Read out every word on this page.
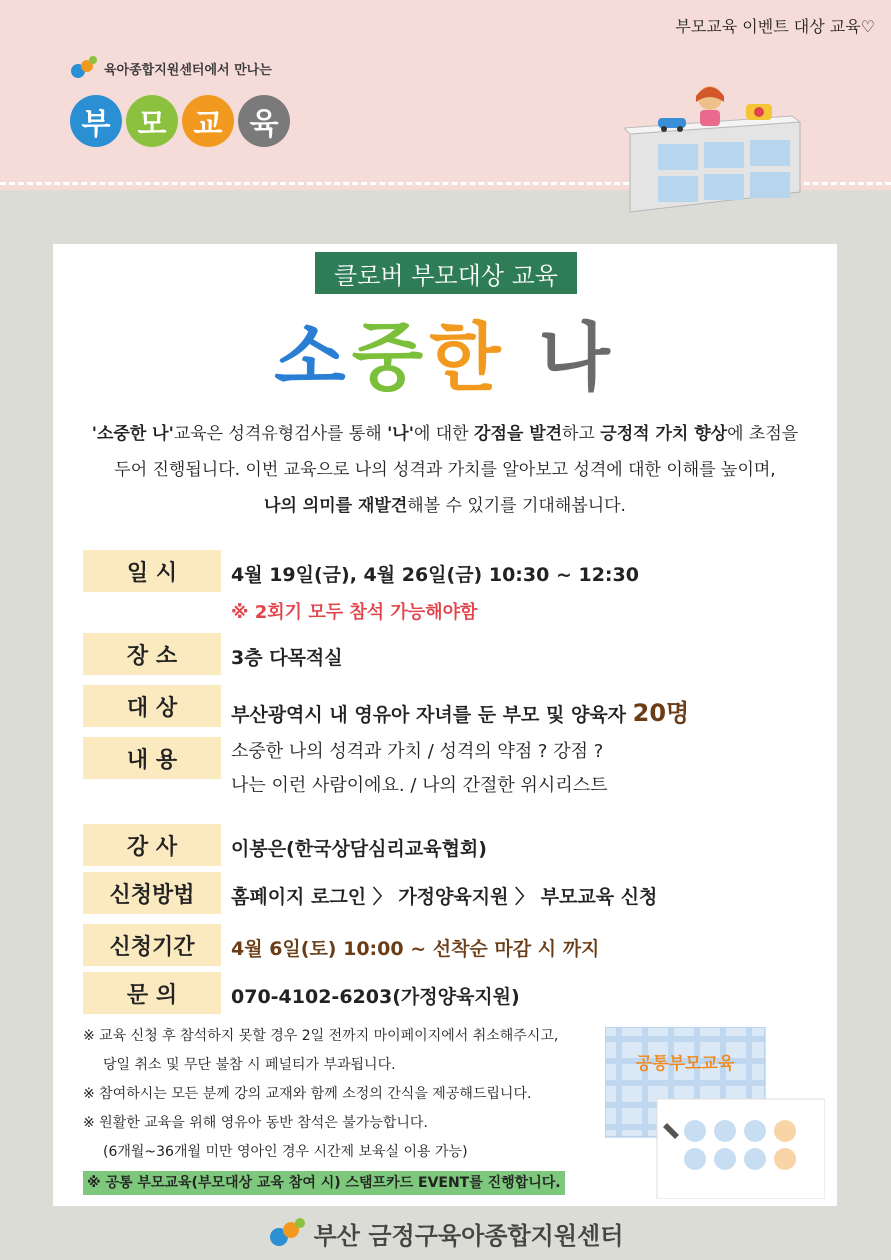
부모교육 이벤트 대상 교육♡
육아종합지원센터에서 만나는
부 모 교 육
클로버 부모대상 교육
소중한 나
'소중한 나'교육은 성격유형검사를 통해 '나'에 대한 강점을 발견하고 긍정적 가치 향상에 초점을
두어 진행됩니다. 이번 교육으로 나의 성격과 가치를 알아보고 성격에 대한 이해를 높이며,
나의 의미를 재발견해볼 수 있기를 기대해봅니다.
일 시	4월 19일(금), 4월 26일(금) 10:30 ~ 12:30
※ 2회기 모두 참석 가능해야함
장 소	3층 다목적실
대 상	부산광역시 내 영유아 자녀를 둔 부모 및 양육자 20명
내 용	소중한 나의 성격과 가치 / 성격의 약점 ? 강점 ?
나는 이런 사람이에요. / 나의 간절한 위시리스트
강 사	이봉은(한국상담심리교육협회)
신청방법	홈페이지 로그인 〉 가정양육지원 〉 부모교육 신청
신청기간	4월 6일(토) 10:00 ~ 선착순 마감 시 까지
문 의	070-4102-6203(가정양육지원)
※ 교육 신청 후 참석하지 못할 경우 2일 전까지 마이페이지에서 취소해주시고,
당일 취소 및 무단 불참 시 페널티가 부과됩니다.
※ 참여하시는 모든 분께 강의 교재와 함께 소정의 간식을 제공해드립니다.
※ 원활한 교육을 위해 영유아 동반 참석은 불가능합니다.
(6개월~36개월 미만 영아인 경우 시간제 보육실 이용 가능)
※ 공통 부모교육(부모대상 교육 참여 시) 스탬프카드 EVENT를 진행합니다.
공통부모교육
부산 금정구육아종합지원센터
